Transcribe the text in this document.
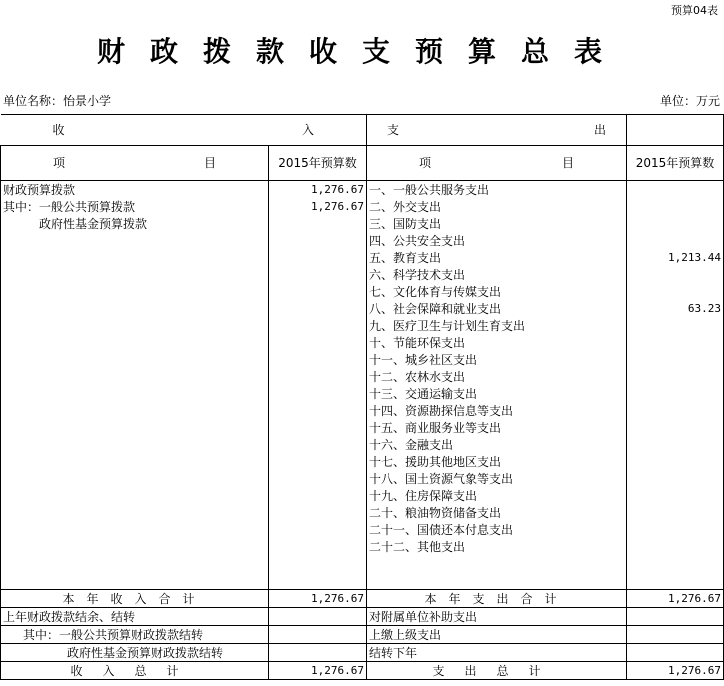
预算04表
财政拨款收支预算总表
单位名称：怡景小学	单位：万元
收 入		支 出	

项 目	2015年预算数	项 目	2015年预算数
财政预算拨款	1,276.67	一、一般公共服务支出	
其中：一般公共预算拨款	1,276.67	二、外交支出	
政府性基金预算拨款		三、国防支出	
		四、公共安全支出	
		五、教育支出	1,213.44
		六、科学技术支出	
		七、文化体育与传媒支出	
		八、社会保障和就业支出	63.23
		九、医疗卫生与计划生育支出	
		十、节能环保支出	
		十一、城乡社区支出	
		十二、农林水支出	
		十三、交通运输支出	
		十四、资源勘探信息等支出	
		十五、商业服务业等支出	
		十六、金融支出	
		十七、援助其他地区支出	
		十八、国土资源气象等支出	
		十九、住房保障支出	
		二十、粮油物资储备支出	
		二十一、国债还本付息支出	
		二十二、其他支出	

本年收入合计	1,276.67	本年支出合计	1,276.67
上年财政拨款结余、结转		对附属单位补助支出	
其中：一般公共预算财政拨款结转		上缴上级支出	
政府性基金预算财政拨款结转		结转下年	
收入总计	1,276.67	支出总计	1,276.67
